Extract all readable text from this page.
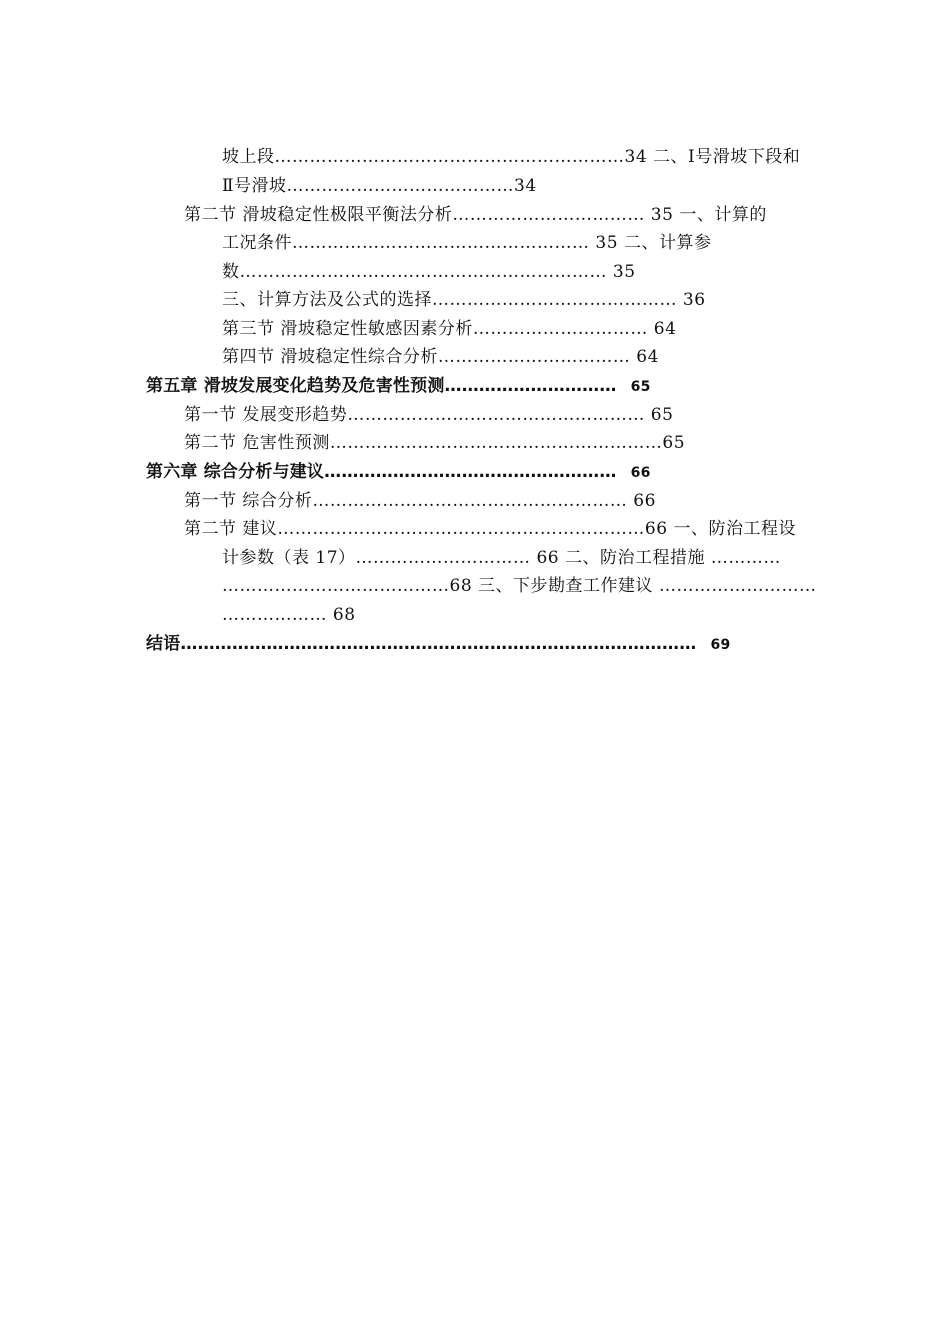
坡上段……………………………………………………34 二、Ⅰ号滑坡下段和
Ⅱ号滑坡…………………………………34
第二节 滑坡稳定性极限平衡法分析…………………………… 35 一、计算的
工况条件…………………………………………… 35 二、计算参
数……………………………………………………… 35
三、计算方法及公式的选择…………………………………… 36
第三节 滑坡稳定性敏感因素分析………………………… 64
第四节 滑坡稳定性综合分析…………………………… 64
第五章 滑坡发展变化趋势及危害性预测………………………… 65
第一节 发展变形趋势…………………………………………… 65
第二节 危害性预测…………………………………………………65
第六章 综合分析与建议…………………………………………… 66
第一节 综合分析……………………………………………… 66
第二节 建议………………………………………………………66 一、防治工程设
计参数（表 17）………………………… 66 二、防治工程措施 …………
…………………………………68 三、下步勘查工作建议 ………………………
……………… 68
结语……………………………………………………………………………… 69
